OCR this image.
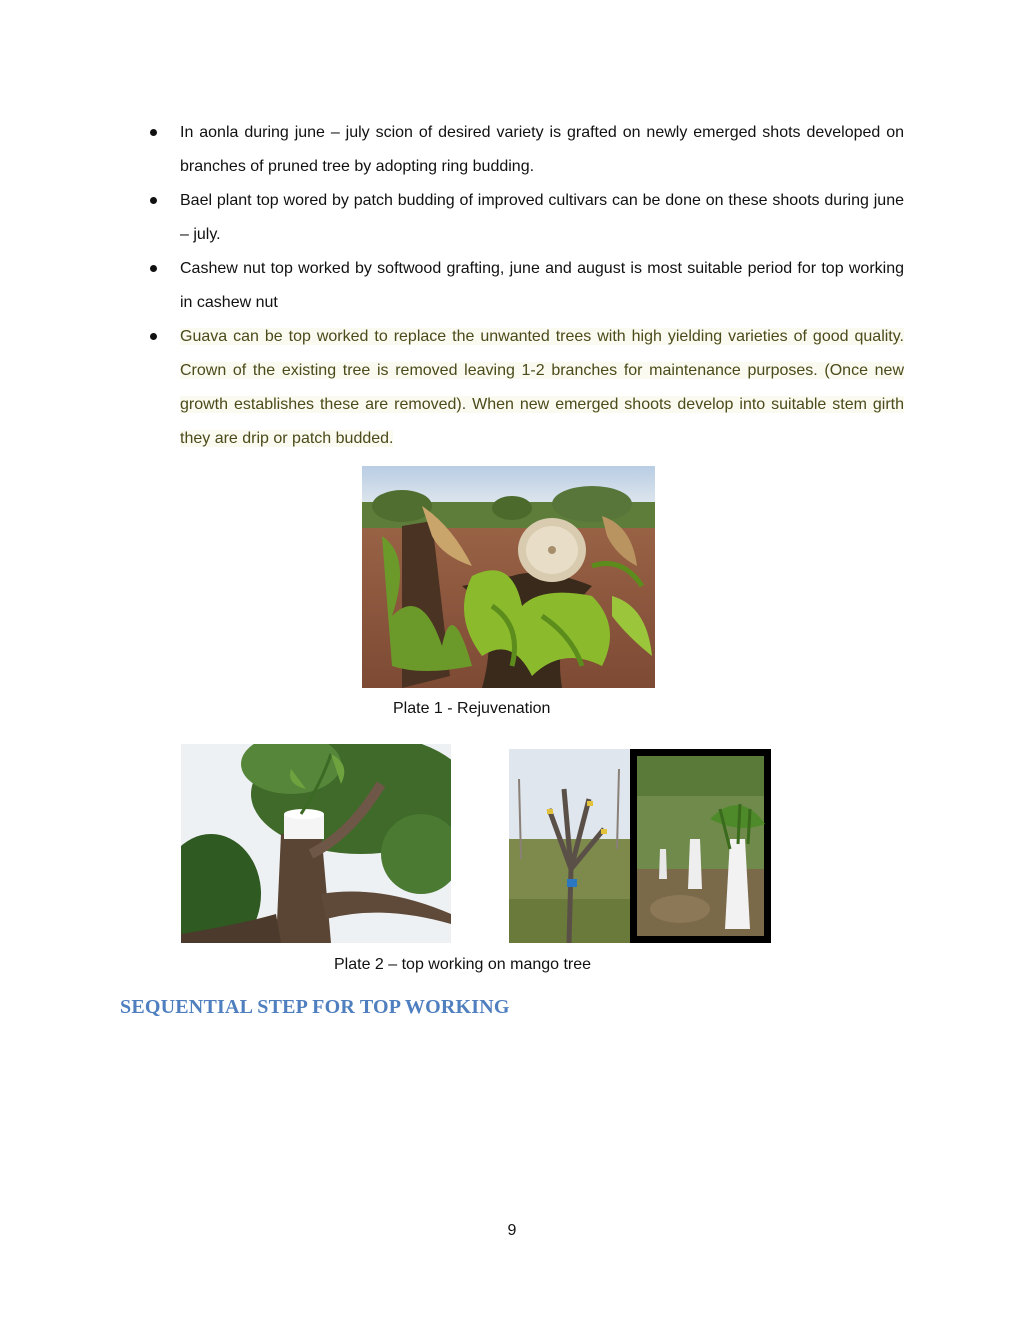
In aonla during june – july scion of desired variety is grafted on newly emerged shots developed on branches of pruned tree by adopting ring budding.
Bael plant top wored by patch budding of improved cultivars can be done on these shoots during june – july.
Cashew nut top worked by softwood grafting, june and august is most suitable period for top working in cashew nut
Guava can be top worked to replace the unwanted trees with high yielding varieties of good quality. Crown of the existing tree is removed leaving 1-2 branches for maintenance purposes. (Once new growth establishes these are removed). When new emerged shoots develop into suitable stem girth they are drip or patch budded.
Plate 1 - Rejuvenation
Plate 2 – top working on mango tree
SEQUENTIAL STEP FOR TOP WORKING
9
